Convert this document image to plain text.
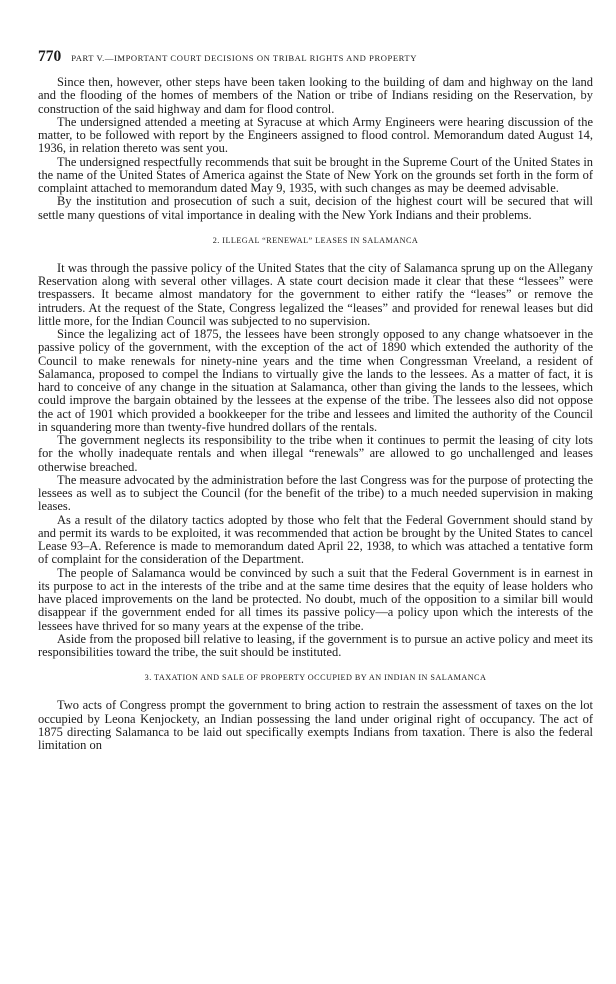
770 PART V.—IMPORTANT COURT DECISIONS ON TRIBAL RIGHTS AND PROPERTY

Since then, however, other steps have been taken looking to the building of dam and highway on the land and the flooding of the homes of members of the Nation or tribe of Indians residing on the Reservation, by construction of the said highway and dam for flood control.

The undersigned attended a meeting at Syracuse at which Army Engineers were hearing discussion of the matter, to be followed with report by the Engineers assigned to flood control. Memorandum dated August 14, 1936, in relation thereto was sent you.

The undersigned respectfully recommends that suit be brought in the Supreme Court of the United States in the name of the United States of America against the State of New York on the grounds set forth in the form of complaint attached to memorandum dated May 9, 1935, with such changes as may be deemed advisable.

By the institution and prosecution of such a suit, decision of the highest court will be secured that will settle many questions of vital importance in dealing with the New York Indians and their problems.

2. ILLEGAL “RENEWAL” LEASES IN SALAMANCA

It was through the passive policy of the United States that the city of Salamanca sprung up on the Allegany Reservation along with several other villages. A state court decision made it clear that these “lessees” were trespassers. It became almost mandatory for the government to either ratify the “leases” or remove the intruders. At the request of the State, Congress legalized the “leases” and provided for renewal leases but did little more, for the Indian Council was subjected to no supervision.

Since the legalizing act of 1875, the lessees have been strongly opposed to any change whatsoever in the passive policy of the government, with the exception of the act of 1890 which extended the authority of the Council to make renewals for ninety-nine years and the time when Congressman Vreeland, a resident of Salamanca, proposed to compel the Indians to virtually give the lands to the lessees. As a matter of fact, it is hard to conceive of any change in the situation at Salamanca, other than giving the lands to the lessees, which could improve the bargain obtained by the lessees at the expense of the tribe. The lessees also did not oppose the act of 1901 which provided a bookkeeper for the tribe and lessees and limited the authority of the Council in squandering more than twenty-five hundred dollars of the rentals.

The government neglects its responsibility to the tribe when it continues to permit the leasing of city lots for the wholly inadequate rentals and when illegal “renewals” are allowed to go unchallenged and leases otherwise breached.

The measure advocated by the administration before the last Congress was for the purpose of protecting the lessees as well as to subject the Council (for the benefit of the tribe) to a much needed supervision in making leases.

As a result of the dilatory tactics adopted by those who felt that the Federal Government should stand by and permit its wards to be exploited, it was recommended that action be brought by the United States to cancel Lease 93–A. Reference is made to memorandum dated April 22, 1938, to which was attached a tentative form of complaint for the consideration of the Department.

The people of Salamanca would be convinced by such a suit that the Federal Government is in earnest in its purpose to act in the interests of the tribe and at the same time desires that the equity of lease holders who have placed improvements on the land be protected. No doubt, much of the opposition to a similar bill would disappear if the government ended for all times its passive policy—a policy upon which the interests of the lessees have thrived for so many years at the expense of the tribe.

Aside from the proposed bill relative to leasing, if the government is to pursue an active policy and meet its responsibilities toward the tribe, the suit should be instituted.

3. TAXATION AND SALE OF PROPERTY OCCUPIED BY AN INDIAN IN SALAMANCA

Two acts of Congress prompt the government to bring action to restrain the assessment of taxes on the lot occupied by Leona Kenjockety, an Indian possessing the land under original right of occupancy. The act of 1875 directing Salamanca to be laid out specifically exempts Indians from taxation. There is also the federal limitation on
